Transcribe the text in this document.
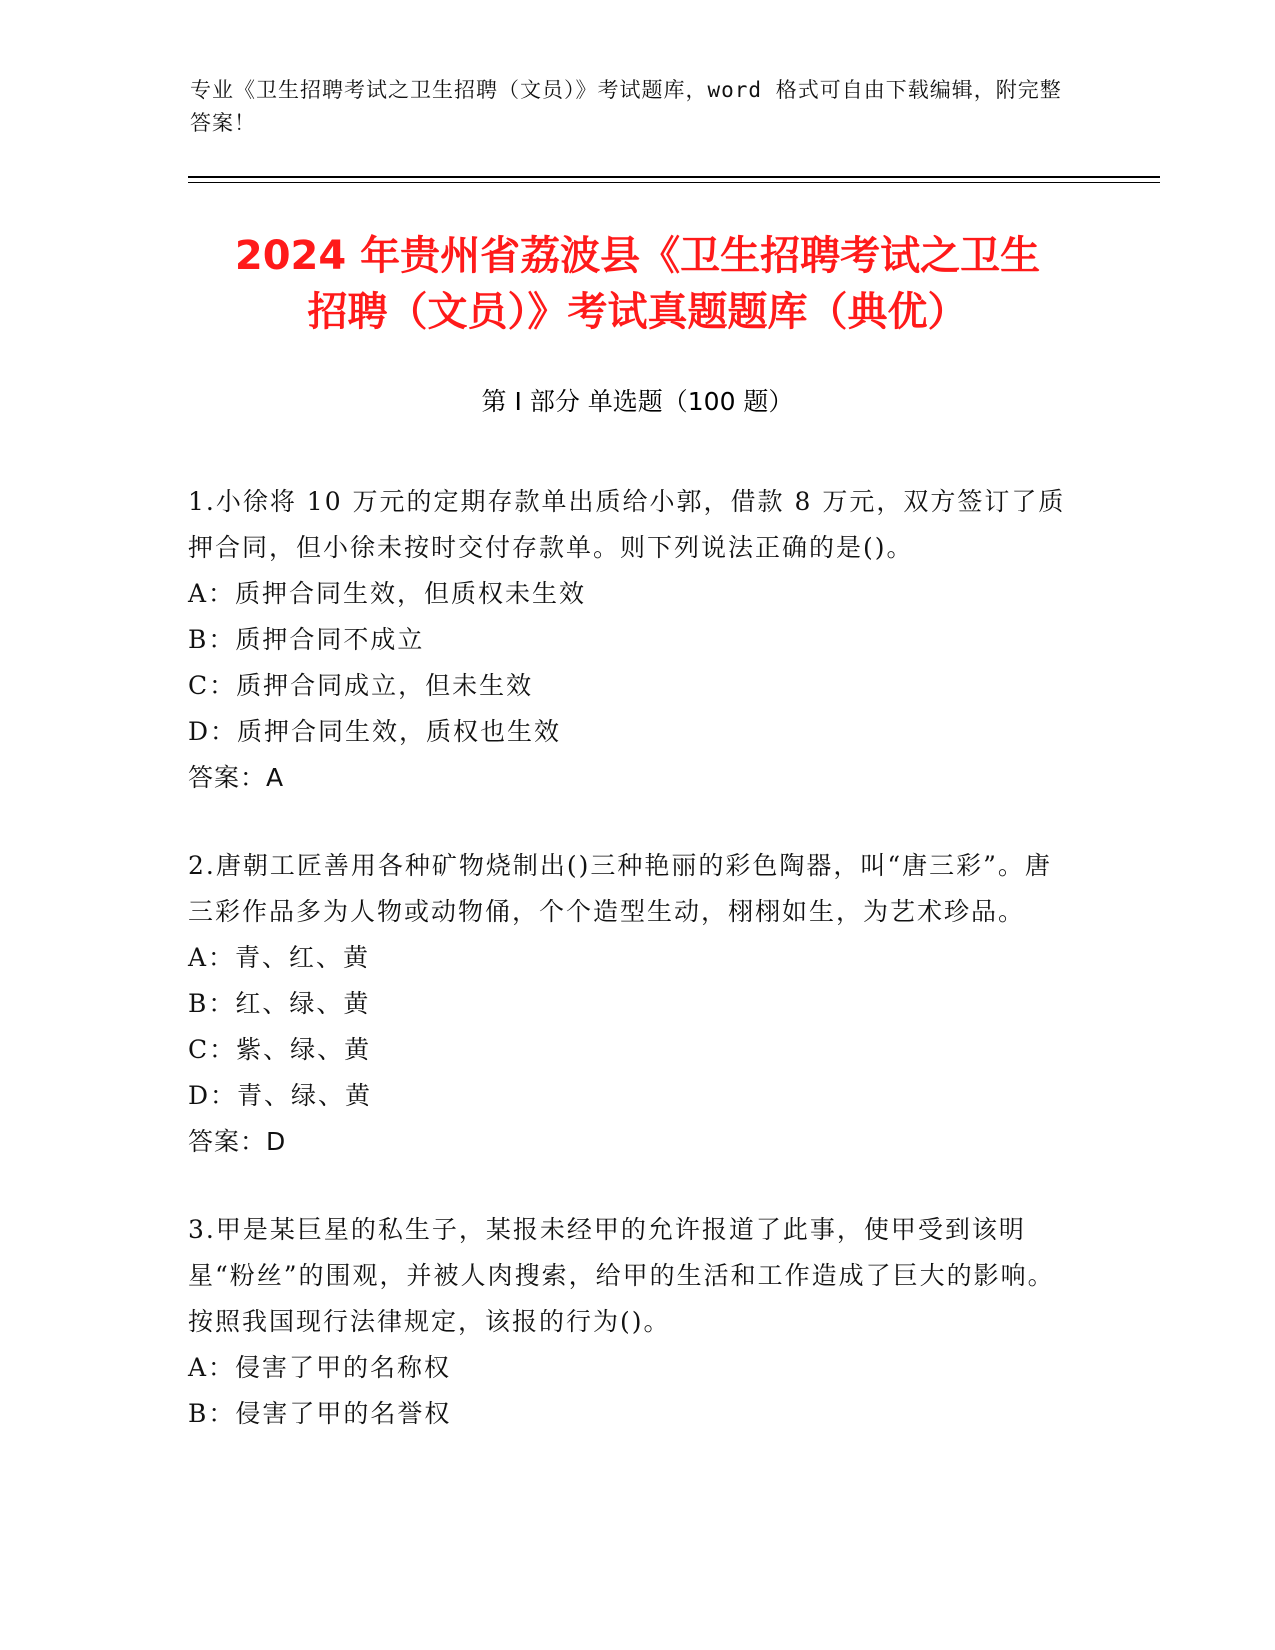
专业《卫生招聘考试之卫生招聘（文员）》考试题库，word 格式可自由下载编辑，附完整答案！
2024 年贵州省荔波县《卫生招聘考试之卫生
招聘（文员）》考试真题题库（典优）
第 I 部分 单选题（100 题）

1.小徐将 10 万元的定期存款单出质给小郭，借款 8 万元，双方签订了质押合同，但小徐未按时交付存款单。则下列说法正确的是()。

A：质押合同生效，但质权未生效

B：质押合同不成立

C：质押合同成立，但未生效

D：质押合同生效，质权也生效

答案：A

2.唐朝工匠善用各种矿物烧制出()三种艳丽的彩色陶器，叫“唐三彩”。唐三彩作品多为人物或动物俑，个个造型生动，栩栩如生，为艺术珍品。

A：青、红、黄

B：红、绿、黄

C：紫、绿、黄

D：青、绿、黄

答案：D

3.甲是某巨星的私生子，某报未经甲的允许报道了此事，使甲受到该明星“粉丝”的围观，并被人肉搜索，给甲的生活和工作造成了巨大的影响。按照我国现行法律规定，该报的行为()。

A：侵害了甲的名称权

B：侵害了甲的名誉权
